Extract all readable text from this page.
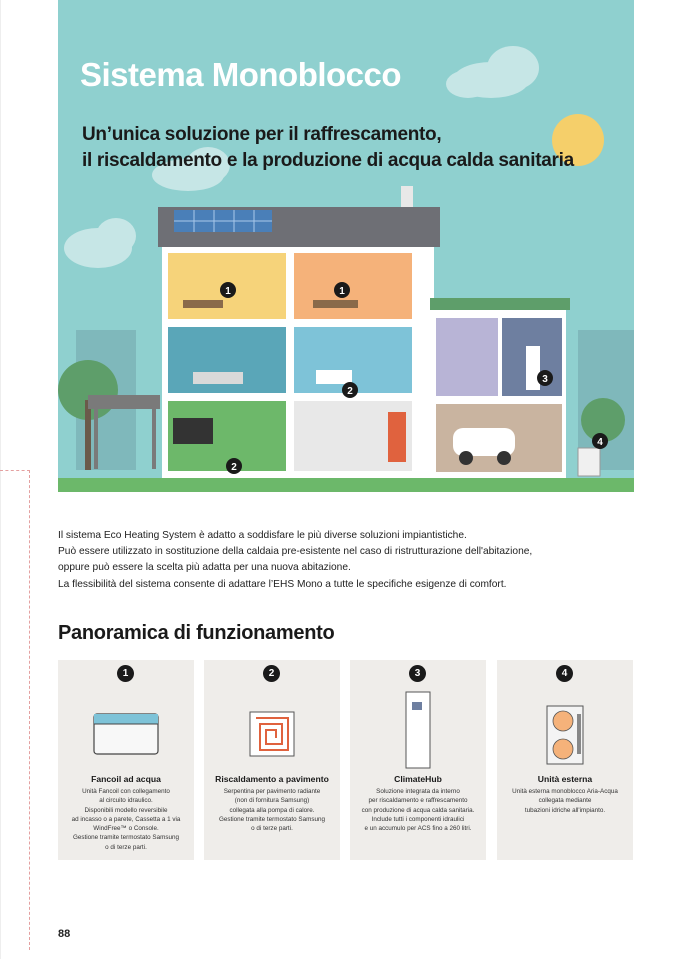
1	1
2
2
3
4
Sistema Monoblocco
Un’unica soluzione per il raffrescamento,
il riscaldamento e la produzione di acqua calda sanitaria
Il sistema Eco Heating System è adatto a soddisfare le più diverse soluzioni impiantistiche.
Può essere utilizzato in sostituzione della caldaia pre-esistente nel caso di ristrutturazione dell'abitazione,
oppure può essere la scelta più adatta per una nuova abitazione.
La flessibilità del sistema consente di adattare l’EHS Mono a tutte le specifiche esigenze di comfort.
Panoramica di funzionamento
1
Fancoil ad acqua
Unità Fancoil con collegamento
al circuito idraulico.
Disponibili modello reversibile
ad incasso o a parete, Cassetta a 1 via
WindFree™ o Console.
Gestione tramite termostato Samsung
o di terze parti.
2
Riscaldamento a pavimento
Serpentina per pavimento radiante
(non di fornitura Samsung)
collegata alla pompa di calore.
Gestione tramite termostato Samsung
o di terze parti.
3
ClimateHub
Soluzione integrata da interno
per riscaldamento e raffrescamento
con produzione di acqua calda sanitaria.
Include tutti i componenti idraulici
e un accumulo per ACS fino a 260 litri.
4
Unità esterna
Unità esterna monoblocco Aria-Acqua
collegata mediante
tubazioni idriche all'impianto.
88
